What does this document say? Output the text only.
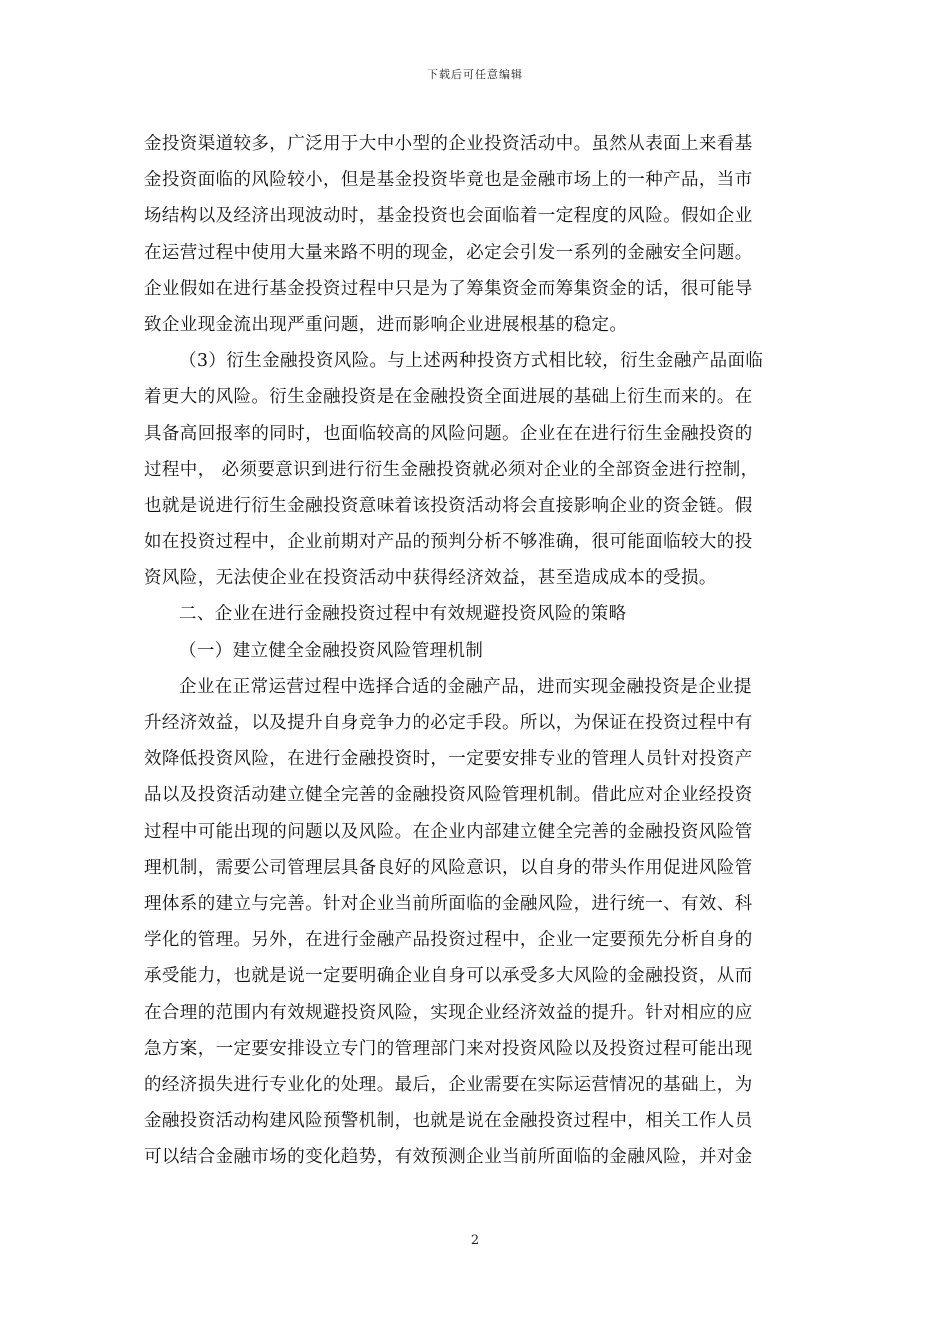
下载后可任意编辑
金投资渠道较多，广泛用于大中小型的企业投资活动中。虽然从表面上来看基
金投资面临的风险较小，但是基金投资毕竟也是金融市场上的一种产品，当市
场结构以及经济出现波动时，基金投资也会面临着一定程度的风险。假如企业
在运营过程中使用大量来路不明的现金，必定会引发一系列的金融安全问题。
企业假如在进行基金投资过程中只是为了筹集资金而筹集资金的话，很可能导
致企业现金流出现严重问题，进而影响企业进展根基的稳定。
（3）衍生金融投资风险。与上述两种投资方式相比较，衍生金融产品面临
着更大的风险。衍生金融投资是在金融投资全面进展的基础上衍生而来的。在
具备高回报率的同时，也面临较高的风险问题。企业在在进行衍生金融投资的
过程中， 必须要意识到进行衍生金融投资就必须对企业的全部资金进行控制，
也就是说进行衍生金融投资意味着该投资活动将会直接影响企业的资金链。假
如在投资过程中，企业前期对产品的预判分析不够准确，很可能面临较大的投
资风险，无法使企业在投资活动中获得经济效益，甚至造成成本的受损。
二、企业在进行金融投资过程中有效规避投资风险的策略
（一）建立健全金融投资风险管理机制
企业在正常运营过程中选择合适的金融产品，进而实现金融投资是企业提
升经济效益，以及提升自身竞争力的必定手段。所以，为保证在投资过程中有
效降低投资风险，在进行金融投资时，一定要安排专业的管理人员针对投资产
品以及投资活动建立健全完善的金融投资风险管理机制。借此应对企业经投资
过程中可能出现的问题以及风险。在企业内部建立健全完善的金融投资风险管
理机制，需要公司管理层具备良好的风险意识，以自身的带头作用促进风险管
理体系的建立与完善。针对企业当前所面临的金融风险，进行统一、有效、科
学化的管理。另外，在进行金融产品投资过程中，企业一定要预先分析自身的
承受能力，也就是说一定要明确企业自身可以承受多大风险的金融投资，从而
在合理的范围内有效规避投资风险，实现企业经济效益的提升。针对相应的应
急方案，一定要安排设立专门的管理部门来对投资风险以及投资过程可能出现
的经济损失进行专业化的处理。最后，企业需要在实际运营情况的基础上，为
金融投资活动构建风险预警机制，也就是说在金融投资过程中，相关工作人员
可以结合金融市场的变化趋势，有效预测企业当前所面临的金融风险，并对金
2
